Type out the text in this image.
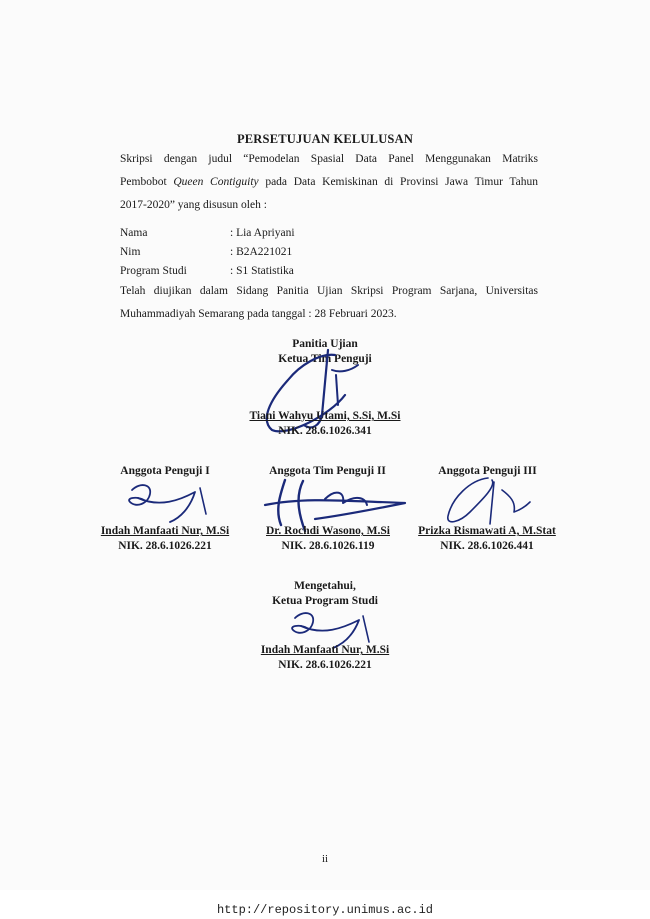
PERSETUJUAN KELULUSAN
Skripsi dengan judul “Pemodelan Spasial Data Panel Menggunakan Matriks
Pembobot Queen Contiguity pada Data Kemiskinan di Provinsi Jawa Timur Tahun
2017-2020” yang disusun oleh :
Nama	: Lia Apriyani
Nim	: B2A221021
Program Studi	: S1 Statistika
Telah diujikan dalam Sidang Panitia Ujian Skripsi Program Sarjana, Universitas
Muhammadiyah Semarang pada tanggal : 28 Februari 2023.
Panitia Ujian
Ketua Tim Penguji
Tiani Wahyu Utami, S.Si, M.Si
NIK. 28.6.1026.341
Anggota Penguji I	Anggota Tim Penguji II	Anggota Penguji III
Indah Manfaati Nur, M.Si
NIK. 28.6.1026.221
Dr. Rochdi Wasono, M.Si
NIK. 28.6.1026.119
Prizka Rismawati A, M.Stat
NIK. 28.6.1026.441
Mengetahui,
Ketua Program Studi
Indah Manfaati Nur, M.Si
NIK. 28.6.1026.221
ii
http://repository.unimus.ac.id
